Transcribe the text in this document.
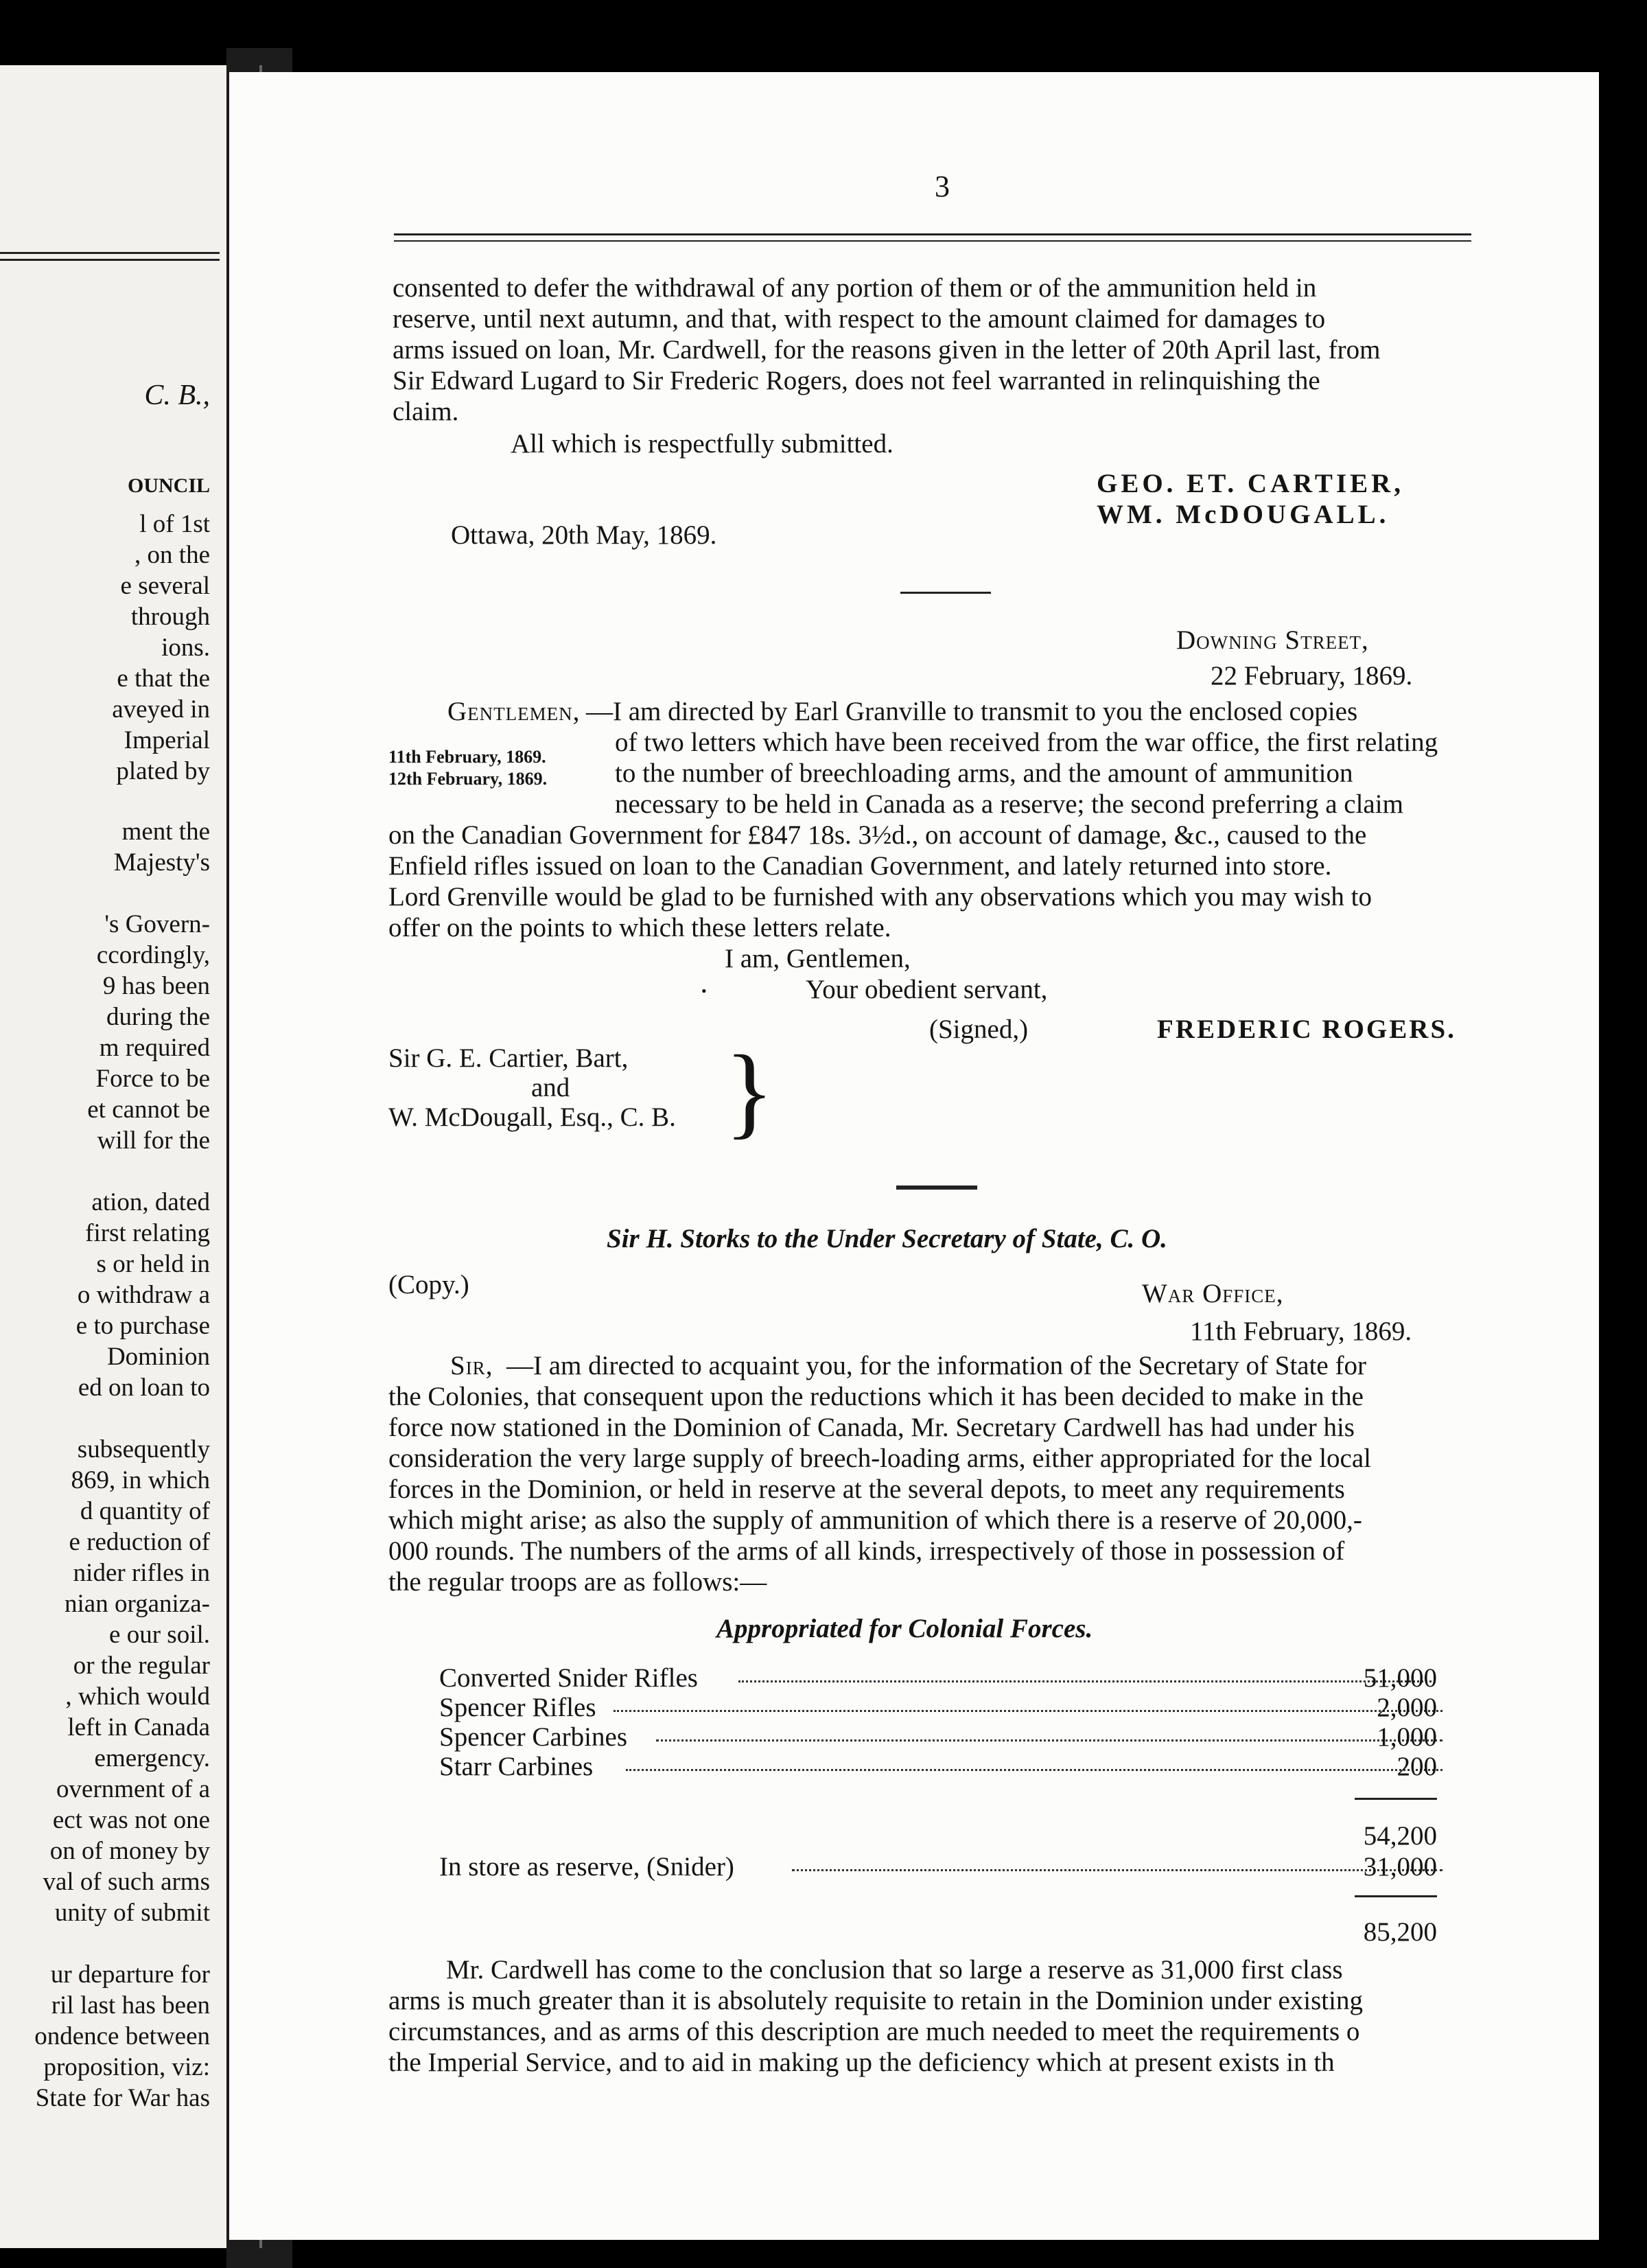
C. B.,
OUNCIL
l of 1st
, on the
e several
through
ions.
e that the
aveyed in
Imperial
plated by
ment the
Majesty's
's Govern-
ccordingly,
9 has been
during the
m required
Force to be
et cannot be
will for the
ation, dated
first relating
s or held in
o withdraw a
e to purchase
Dominion
ed on loan to
subsequently
869, in which
d quantity of
e reduction of
nider rifles in
nian organiza-
e our soil.
or the regular
, which would
left in Canada
emergency.
overnment of a
ect was not one
on of money by
val of such arms
unity of submit
ur departure for
ril last has been
ondence between
proposition, viz:
State for War has
3
consented to defer the withdrawal of any portion of them or of the ammunition held in
reserve, until next autumn, and that, with respect to the amount claimed for damages to
arms issued on loan, Mr. Cardwell, for the reasons given in the letter of 20th April last, from
Sir Edward Lugard to Sir Frederic Rogers, does not feel warranted in relinquishing the
claim.
All which is respectfully submitted.
GEO. ET. CARTIER,
WM. McDOUGALL.
Ottawa, 20th May, 1869.
Downing Street,
22 February, 1869.
Gentlemen, —I am directed by Earl Granville to transmit to you the enclosed copies
of two letters which have been received from the war office, the first relating
11th February, 1869.
12th February, 1869.	to the number of breechloading arms, and the amount of ammunition
necessary to be held in Canada as a reserve; the second preferring a claim
on the Canadian Government for £847 18s. 3½d., on account of damage, &c., caused to the
Enfield rifles issued on loan to the Canadian Government, and lately returned into store.
Lord Grenville would be glad to be furnished with any observations which you may wish to
offer on the points to which these letters relate.
I am, Gentlemen,
Your obedient servant,
•
(Signed,)	FREDERIC ROGERS.
Sir G. E. Cartier, Bart,
and
W. McDougall, Esq., C. B. }
Sir H. Storks to the Under Secretary of State, C. O.
(Copy.)	War Office,
11th February, 1869.
Sir, —I am directed to acquaint you, for the information of the Secretary of State for
the Colonies, that consequent upon the reductions which it has been decided to make in the
force now stationed in the Dominion of Canada, Mr. Secretary Cardwell has had under his
consideration the very large supply of breech-loading arms, either appropriated for the local
forces in the Dominion, or held in reserve at the several depots, to meet any requirements
which might arise; as also the supply of ammunition of which there is a reserve of 20,000,-
000 rounds. The numbers of the arms of all kinds, irrespectively of those in possession of
the regular troops are as follows:—
Appropriated for Colonial Forces.
Converted Snider Rifles	51,000
Spencer Rifles	2,000
Spencer Carbines	1,000
Starr Carbines	200
54,200
In store as reserve, (Snider)	31,000
85,200
Mr. Cardwell has come to the conclusion that so large a reserve as 31,000 first class
arms is much greater than it is absolutely requisite to retain in the Dominion under existing
circumstances, and as arms of this description are much needed to meet the requirements o
the Imperial Service, and to aid in making up the deficiency which at present exists in th
